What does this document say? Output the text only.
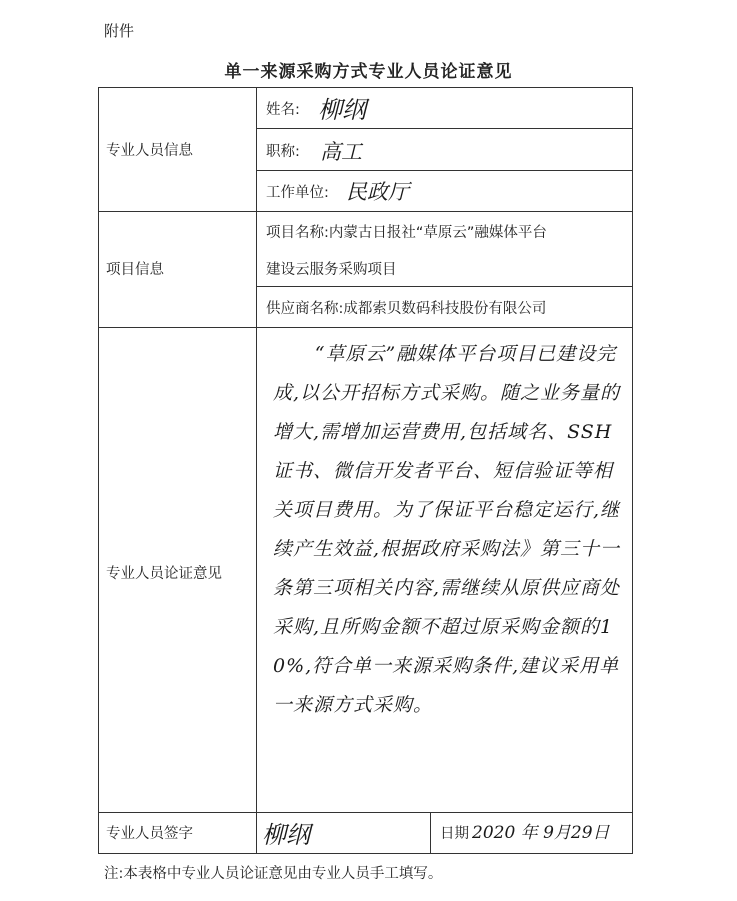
附件
单一来源采购方式专业人员论证意见
专业人员信息
姓名: 柳纲
职称: 高工
工作单位: 民政厅
项目信息
项目名称:内蒙古日报社“草原云”融媒体平台
建设云服务采购项目
供应商名称:成都索贝数码科技股份有限公司
专业人员论证意见
“草原云”融媒体平台项目已建设完成,以公开招标方式采购。随之业务量的增大,需增加运营费用,包括域名、SSH证书、微信开发者平台、短信验证等相关项目费用。为了保证平台稳定运行,继续产生效益,根据政府采购法》第三十一条第三项相关内容,需继续从原供应商处采购,且所购金额不超过原采购金额的10%,符合单一来源采购条件,建议采用单一来源方式采购。
专业人员签字	柳纲	日期 2020 年 9月29日
注:本表格中专业人员论证意见由专业人员手工填写。
